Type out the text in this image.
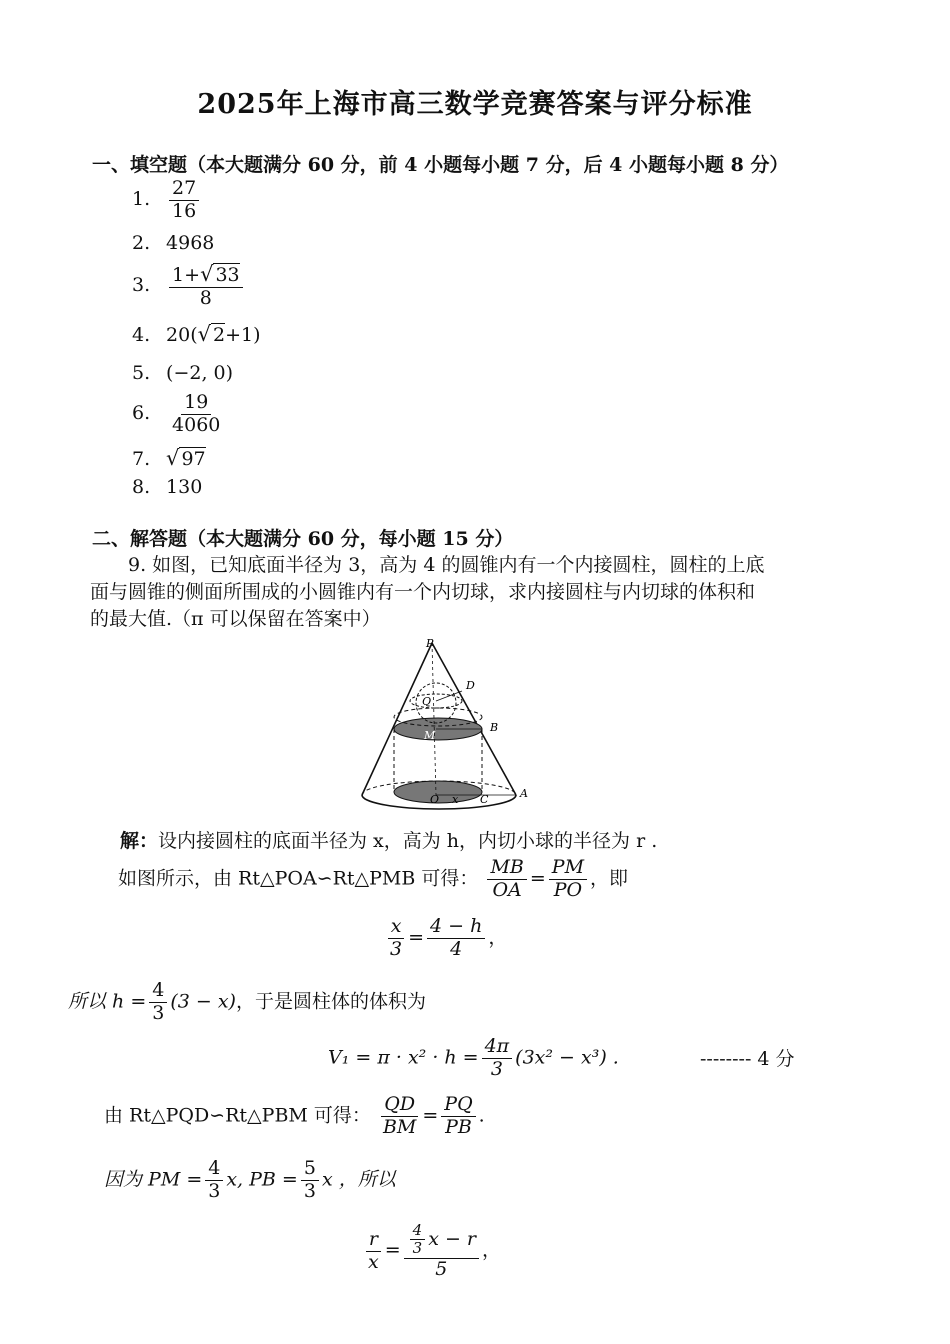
2025年上海市高三数学竞赛答案与评分标准
一、填空题（本大题满分 60 分，前 4 小题每小题 7 分，后 4 小题每小题 8 分）
1. $\frac{27}{16}$
2. 4968
3. $\frac{1+√ 33}{8}$
4. 20(√ 2+1)
5. (−2, 0)
6. $\frac{19}{4060}$
7. √ 97
8. 130
二、解答题（本大题满分 60 分，每小题 15 分）
9. 如图，已知底面半径为 3，高为 4 的圆锥内有一个内接圆柱，圆柱的上底
面与圆锥的侧面所围成的小圆锥内有一个内切球，求内接圆柱与内切球的体积和
的最大值.（π 可以保留在答案中）
P
D
Q
B
M
O x C	A
解：设内接圆柱的底面半径为 x，高为 h，内切小球的半径为 r .
如图所示，由 Rt△POA∽Rt△PMB 可得： $\frac{MB}{OA} = \frac{PM}{PO}$ ，即
$\frac{x}{3} = \frac{4 - h}{4}$ ，
所以 $h = \frac{4}{3} (3 - x)$，于是圆柱体的体积为
$V_1 = \pi \cdot x^2 \cdot h = \frac{4\pi}{3} (3x^2 - x^3)$ .	-------- 4 分
由 Rt△PQD∽Rt△PBM 可得： $\frac{QD}{BM} = \frac{PQ}{PB}$ .
因为 PM = $\frac{4}{3} x$, PB = $\frac{5}{3}$ x ，所以
$\frac{r}{x} = \frac{\frac{4}{3} x - r}{5}$ ，
